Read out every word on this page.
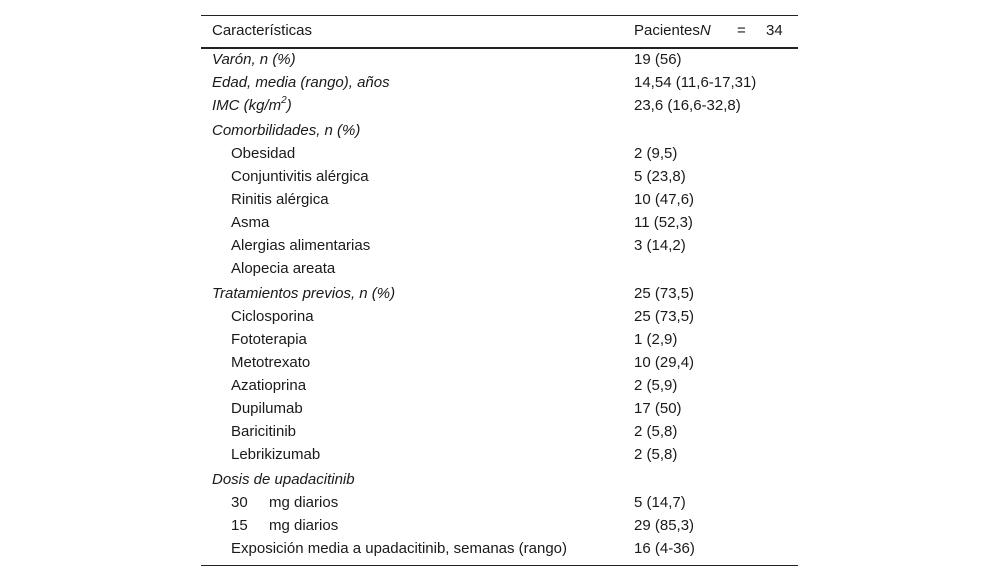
Características	PacientesN = 34
Varón, n (%)	19 (56)
Edad, media (rango), años	14,54 (11,6-17,31)
IMC $(kg/m^2)$	23,6 (16,6-32,8)
Comorbilidades, n (%)
Obesidad	2 (9,5)
Conjuntivitis alérgica	5 (23,8)
Rinitis alérgica	10 (47,6)
Asma	11 (52,3)
Alergias alimentarias	3 (14,2)
Alopecia areata
Tratamientos previos, n (%)	25 (73,5)
Ciclosporina	25 (73,5)
Fototerapia	1 (2,9)
Metotrexato	10 (29,4)
Azatioprina	2 (5,9)
Dupilumab	17 (50)
Baricitinib	2 (5,8)
Lebrikizumab	2 (5,8)
Dosis de upadacitinib
30 mg diarios	5 (14,7)
15 mg diarios	29 (85,3)
Exposición media a upadacitinib, semanas (rango)	16 (4-36)
